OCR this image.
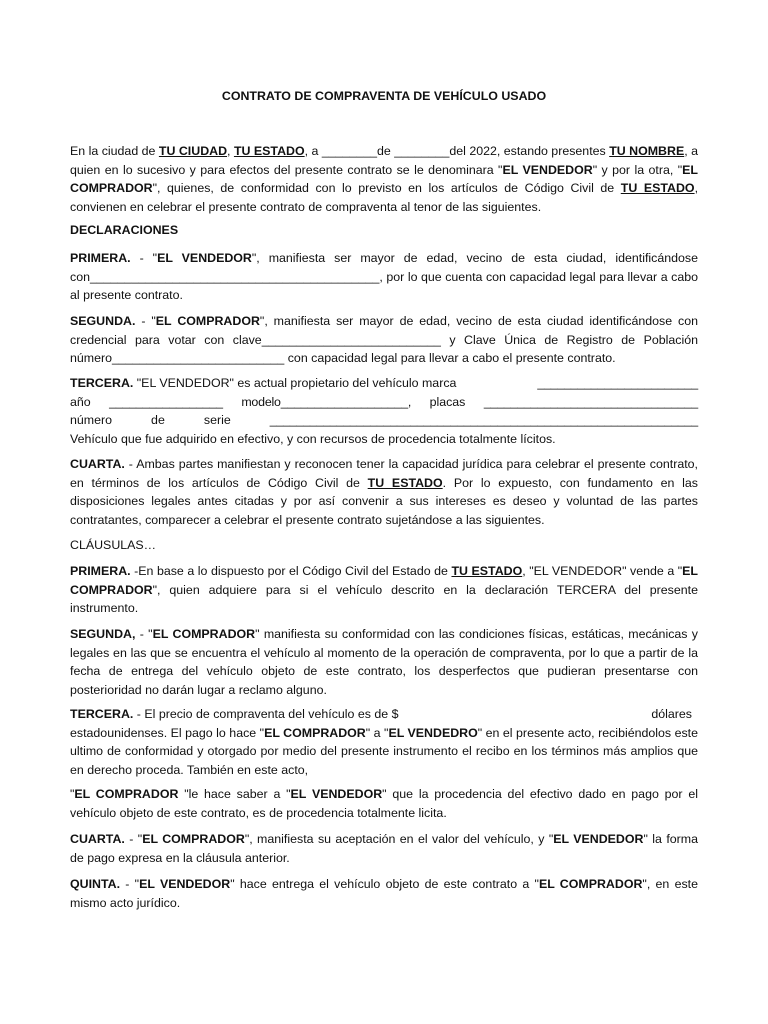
CONTRATO DE COMPRAVENTA DE VEHÍCULO USADO

En la ciudad de TU CIUDAD, TU ESTADO, a ________de ________del 2022, estando presentes TU NOMBRE, a quien en lo sucesivo y para efectos del presente contrato se le denominara "EL VENDEDOR" y por la otra, "EL COMPRADOR", quienes, de conformidad con lo previsto en los artículos de Código Civil de TU ESTADO, convienen en celebrar el presente contrato de compraventa al tenor de las siguientes.

DECLARACIONES

PRIMERA. - "EL VENDEDOR", manifiesta ser mayor de edad, vecino de esta ciudad, identificándose con__________________________________________, por lo que cuenta con capacidad legal para llevar a cabo al presente contrato.

SEGUNDA. - "EL COMPRADOR", manifiesta ser mayor de edad, vecino de esta ciudad identificándose con credencial para votar con clave__________________________ y Clave Única de Registro de Población número_________________________ con capacidad legal para llevar a cabo el presente contrato.

TERCERA. "EL VENDEDOR" es actual propietario del vehículo marca	________________________
año _________________ modelo___________________, placas ________________________________
número	de	serie	________________________________________________________________
Vehículo que fue adquirido en efectivo, y con recursos de procedencia totalmente lícitos.

CUARTA. - Ambas partes manifiestan y reconocen tener la capacidad jurídica para celebrar el presente contrato, en términos de los artículos de Código Civil de TU ESTADO. Por lo expuesto, con fundamento en las disposiciones legales antes citadas y por así convenir a sus intereses es deseo y voluntad de las partes contratantes, comparecer a celebrar el presente contrato sujetándose a las siguientes.

CLÁUSULAS…

PRIMERA. -En base a lo dispuesto por el Código Civil del Estado de TU ESTADO, "EL VENDEDOR" vende a "EL COMPRADOR", quien adquiere para si el vehículo descrito en la declaración TERCERA del presente instrumento.

SEGUNDA, - "EL COMPRADOR" manifiesta su conformidad con las condiciones físicas, estáticas, mecánicas y legales en las que se encuentra el vehículo al momento de la operación de compraventa, por lo que a partir de la fecha de entrega del vehículo objeto de este contrato, los desperfectos que pudieran presentarse con posterioridad no darán lugar a reclamo alguno.

TERCERA. - El precio de compraventa del vehículo es de $	dólares
estadounidenses. El pago lo hace "EL COMPRADOR" a "EL VENDEDRO" en el presente acto, recibiéndolos este ultimo de conformidad y otorgado por medio del presente instrumento el recibo en los términos más amplios que en derecho proceda. También en este acto,

"EL COMPRADOR "le hace saber a "EL VENDEDOR" que la procedencia del efectivo dado en pago por el vehículo objeto de este contrato, es de procedencia totalmente licita.

CUARTA. - "EL COMPRADOR", manifiesta su aceptación en el valor del vehículo, y "EL VENDEDOR" la forma de pago expresa en la cláusula anterior.

QUINTA. - "EL VENDEDOR" hace entrega el vehículo objeto de este contrato a "EL COMPRADOR", en este mismo acto jurídico.
